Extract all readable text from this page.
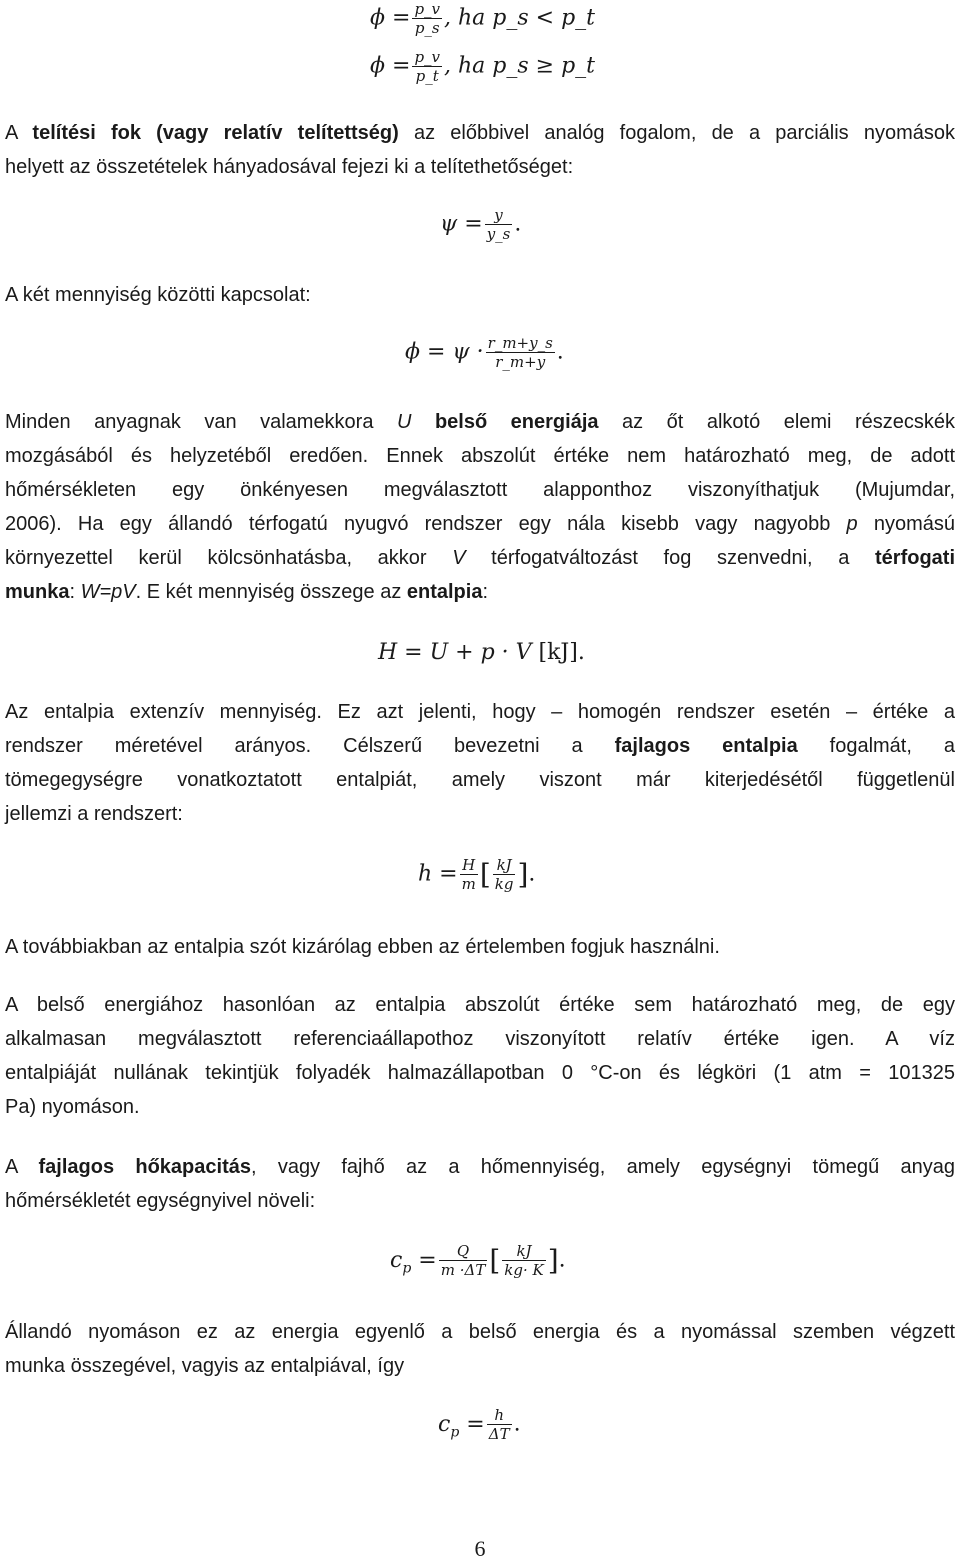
$\phi = \frac{p\_v}{p\_s}$ , ha p_s < p_t
$\phi = \frac{p\_v}{p\_t}$ , ha p_s ≥ p_t
A telítési fok (vagy relatív telítettség) az előbbivel analóg fogalom, de a parciális nyomások
helyett az összetételek hányadosával fejezi ki a telítethetőséget:
$\psi = \frac{y}{y\_s}$ .
A két mennyiség közötti kapcsolat:
$\phi = \psi \cdot \frac{r\_m+y\_s}{r\_m+y}$ .
Minden anyagnak van valamekkora U belső energiája az őt alkotó elemi részecskék
mozgásából és helyzetéből eredően. Ennek abszolút értéke nem határozható meg, de adott
hőmérsékleten egy önkényesen megválasztott alapponthoz viszonyíthatjuk (Mujumdar,
2006). Ha egy állandó térfogatú nyugvó rendszer egy nála kisebb vagy nagyobb p nyomású
környezettel kerül kölcsönhatásba, akkor V térfogatváltozást fog szenvedni, a térfogati
munka: W=pV. E két mennyiség összege az entalpia:
H = U + p · V [kJ].
Az entalpia extenzív mennyiség. Ez azt jelenti, hogy – homogén rendszer esetén – értéke a
rendszer méretével arányos. Célszerű bevezetni a fajlagos entalpia fogalmát, a
tömegegységre vonatkoztatott entalpiát, amely viszont már kiterjedésétől függetlenül
jellemzi a rendszert:
$h = \frac{H}{m}$ [ $\frac{kJ}{kg}$ ].
A továbbiakban az entalpia szót kizárólag ebben az értelemben fogjuk használni.
A belső energiához hasonlóan az entalpia abszolút értéke sem határozható meg, de egy
alkalmasan megválasztott referenciaállapothoz viszonyított relatív értéke igen. A víz
entalpiáját nullának tekintjük folyadék halmazállapotban 0 °C-on és légköri (1 atm = 101325
Pa) nyomáson.
A fajlagos hőkapacitás, vagy fajhő az a hőmennyiség, amely egységnyi tömegű anyag
hőmérsékletét egységnyivel növeli:
$c_p = \frac{Q}{m \cdot\Delta T}$ [ $\frac{kJ}{kg\cdot K}$ ].
Állandó nyomáson ez az energia egyenlő a belső energia és a nyomással szemben végzett
munka összegével, vagyis az entalpiával, így
$c_p = \frac{h}{\Delta T}$ .
6
